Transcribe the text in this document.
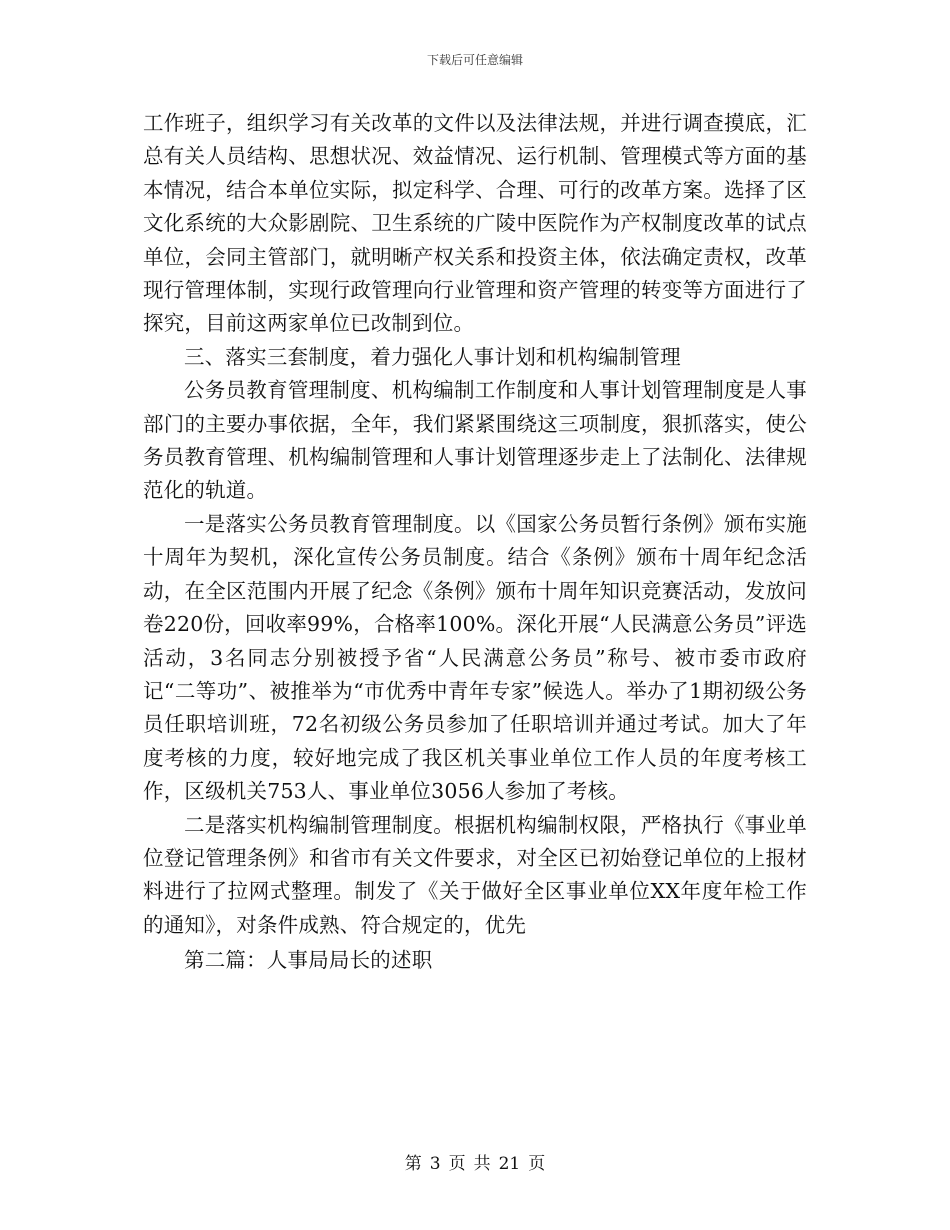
下载后可任意编辑

工作班子，组织学习有关改革的文件以及法律法规，并进行调查摸底，汇总有关人员结构、思想状况、效益情况、运行机制、管理模式等方面的基本情况，结合本单位实际，拟定科学、合理、可行的改革方案。选择了区文化系统的大众影剧院、卫生系统的广陵中医院作为产权制度改革的试点单位，会同主管部门，就明晰产权关系和投资主体，依法确定责权，改革现行管理体制，实现行政管理向行业管理和资产管理的转变等方面进行了探究，目前这两家单位已改制到位。

三、落实三套制度，着力强化人事计划和机构编制管理

公务员教育管理制度、机构编制工作制度和人事计划管理制度是人事部门的主要办事依据，全年，我们紧紧围绕这三项制度，狠抓落实，使公务员教育管理、机构编制管理和人事计划管理逐步走上了法制化、法律规范化的轨道。

一是落实公务员教育管理制度。以《国家公务员暂行条例》颁布实施十周年为契机，深化宣传公务员制度。结合《条例》颁布十周年纪念活动，在全区范围内开展了纪念《条例》颁布十周年知识竞赛活动，发放问卷220份，回收率99%，合格率100%。深化开展“人民满意公务员”评选活动，3名同志分别被授予省“人民满意公务员”称号、被市委市政府记“二等功”、被推举为“市优秀中青年专家”候选人。举办了1期初级公务员任职培训班，72名初级公务员参加了任职培训并通过考试。加大了年度考核的力度，较好地完成了我区机关事业单位工作人员的年度考核工作，区级机关753人、事业单位3056人参加了考核。

二是落实机构编制管理制度。根据机构编制权限，严格执行《事业单位登记管理条例》和省市有关文件要求，对全区已初始登记单位的上报材料进行了拉网式整理。制发了《关于做好全区事业单位XX年度年检工作的通知》，对条件成熟、符合规定的，优先

第二篇：人事局局长的述职

第 3 页 共 21 页
